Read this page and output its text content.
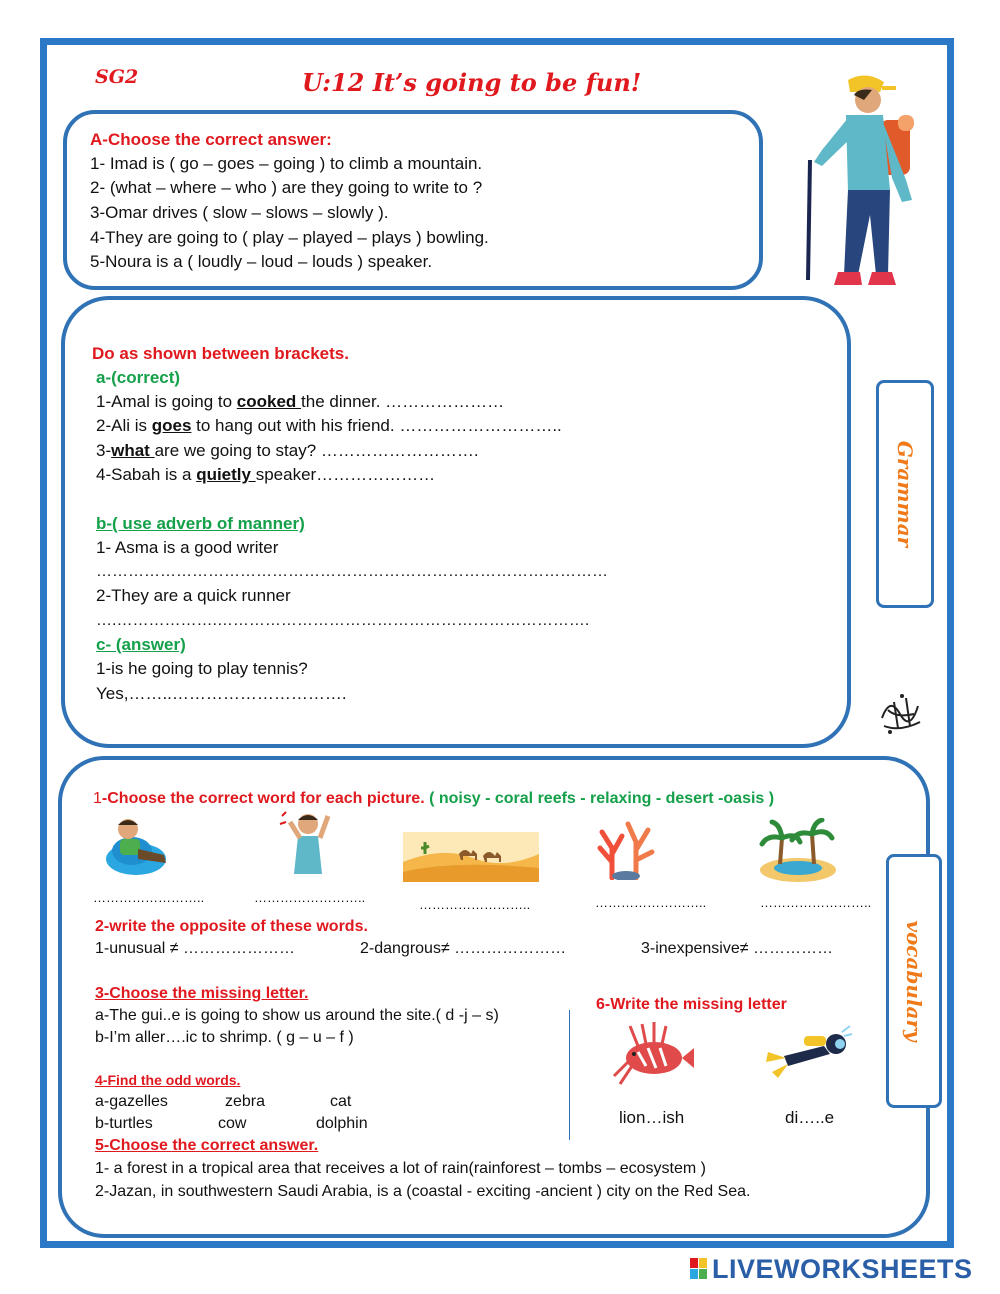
SG2	U:12 It’s going to be fun!
A-Choose the correct answer:
1- Imad is ( go – goes – going ) to climb a mountain.
2- (what – where – who ) are they going to write to ?
3-Omar drives ( slow – slows – slowly ).
4-They are going to ( play – played – plays ) bowling.
5-Noura is a ( loudly – loud – louds ) speaker.
Grammar
Do as shown between brackets.
a-(correct)
1-Amal is going to cooked the dinner. …………………
2-Ali is goes to hang out with his friend. ………………………..
3-what are we going to stay? ……………………….
4-Sabah is a quietly speaker…………………
b-( use adverb of manner)
1- Asma is a good writer
……………………………………………………………………………………
2-They are a quick runner
….……………….…………………………………………………………….
c- (answer)
1-is he going to play tennis?
Yes,……..………………………….
vocabulary
1-Choose the correct word for each picture. ( noisy - coral reefs - relaxing - desert -oasis )
……………………..	……………………..	……………………..	……………………..	……………………..
2-write the opposite of these words.
1-unusual ≠ …………………	2-dangrous≠ …………………	3-inexpensive≠ ……………
3-Choose the missing letter.
a-The gui..e is going to show us around the site.( d -j – s)
b-I’m aller….ic to shrimp. ( g – u – f )
4-Find the odd words.
a-gazelles	zebra	cat
b-turtles	cow	dolphin
5-Choose the correct answer.
1- a forest in a tropical area that receives a lot of rain(rainforest – tombs – ecosystem )
2-Jazan, in southwestern Saudi Arabia, is a (coastal - exciting -ancient ) city on the Red Sea.
6-Write the missing letter
lion…ish	di…..e
LIVEWORKSHEETS
